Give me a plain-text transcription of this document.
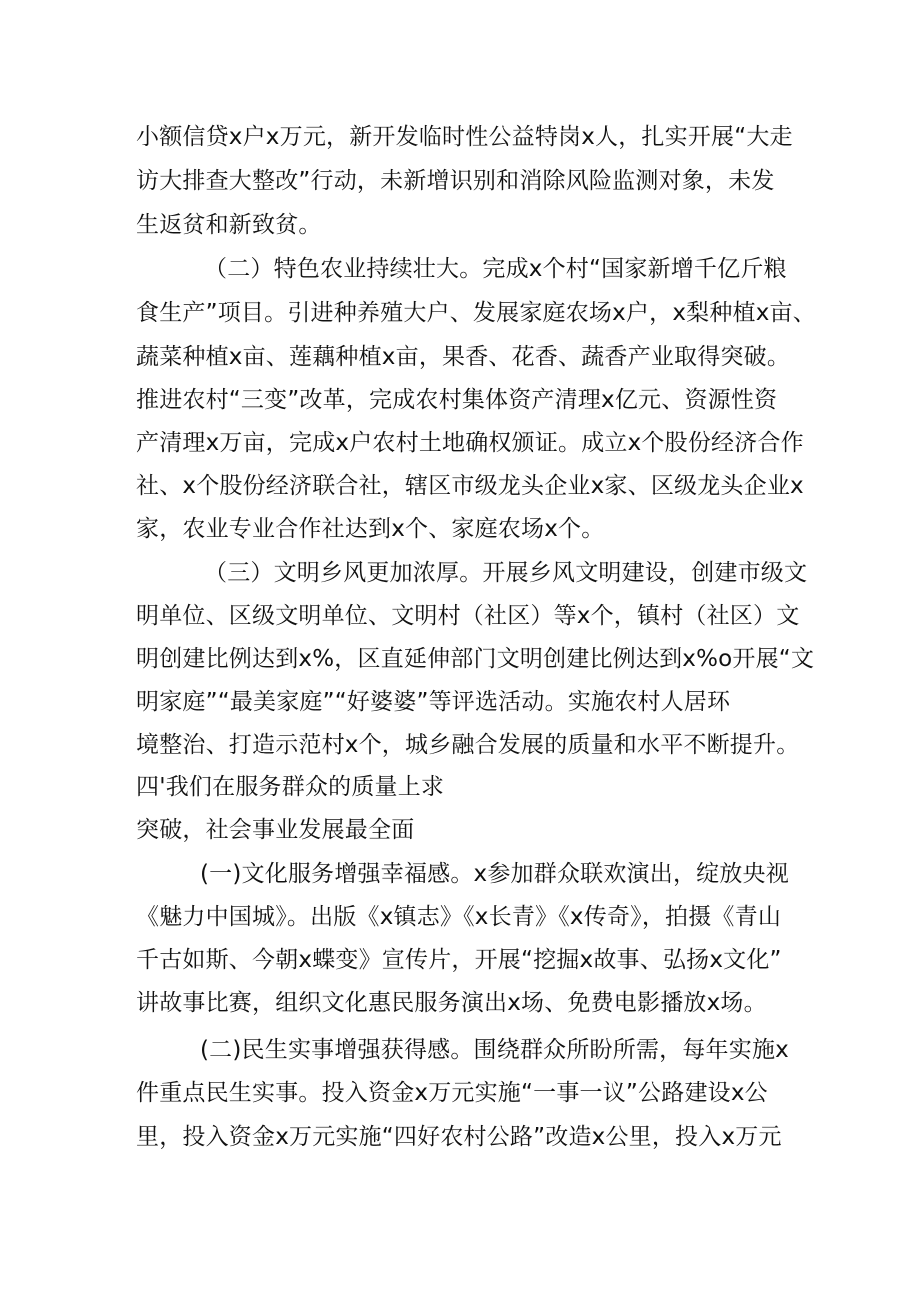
小额信贷x户x万元，新开发临时性公益特岗x人，扎实开展“大走
访大排查大整改”行动，未新增识别和消除风险监测对象，未发
生返贫和新致贫。
（二）特色农业持续壮大。完成x个村“国家新增千亿斤粮
食生产”项目。引进种养殖大户、发展家庭农场x户，x梨种植x亩、
蔬菜种植x亩、莲藕种植x亩，果香、花香、蔬香产业取得突破。
推进农村“三变”改革，完成农村集体资产清理x亿元、资源性资
产清理x万亩，完成x户农村土地确权颁证。成立x个股份经济合作
社、x个股份经济联合社，辖区市级龙头企业x家、区级龙头企业x
家，农业专业合作社达到x个、家庭农场x个。
（三）文明乡风更加浓厚。开展乡风文明建设，创建市级文
明单位、区级文明单位、文明村（社区）等x个，镇村（社区）文
明创建比例达到x%，区直延伸部门文明创建比例达到x%o开展“文
明家庭”“最美家庭”“好婆婆”等评选活动。实施农村人居环
境整治、打造示范村x个，城乡融合发展的质量和水平不断提升。
四'我们在服务群众的质量上求
突破，社会事业发展最全面
(一)文化服务增强幸福感。x参加群众联欢演出，绽放央视
《魅力中国城》。出版《x镇志》《x长青》《x传奇》，拍摄《青山
千古如斯、今朝x蝶变》宣传片，开展“挖掘x故事、弘扬x文化”
讲故事比赛，组织文化惠民服务演出x场、免费电影播放x场。
(二)民生实事增强获得感。围绕群众所盼所需，每年实施x
件重点民生实事。投入资金x万元实施“一事一议”公路建设x公
里，投入资金x万元实施“四好农村公路”改造x公里，投入x万元
